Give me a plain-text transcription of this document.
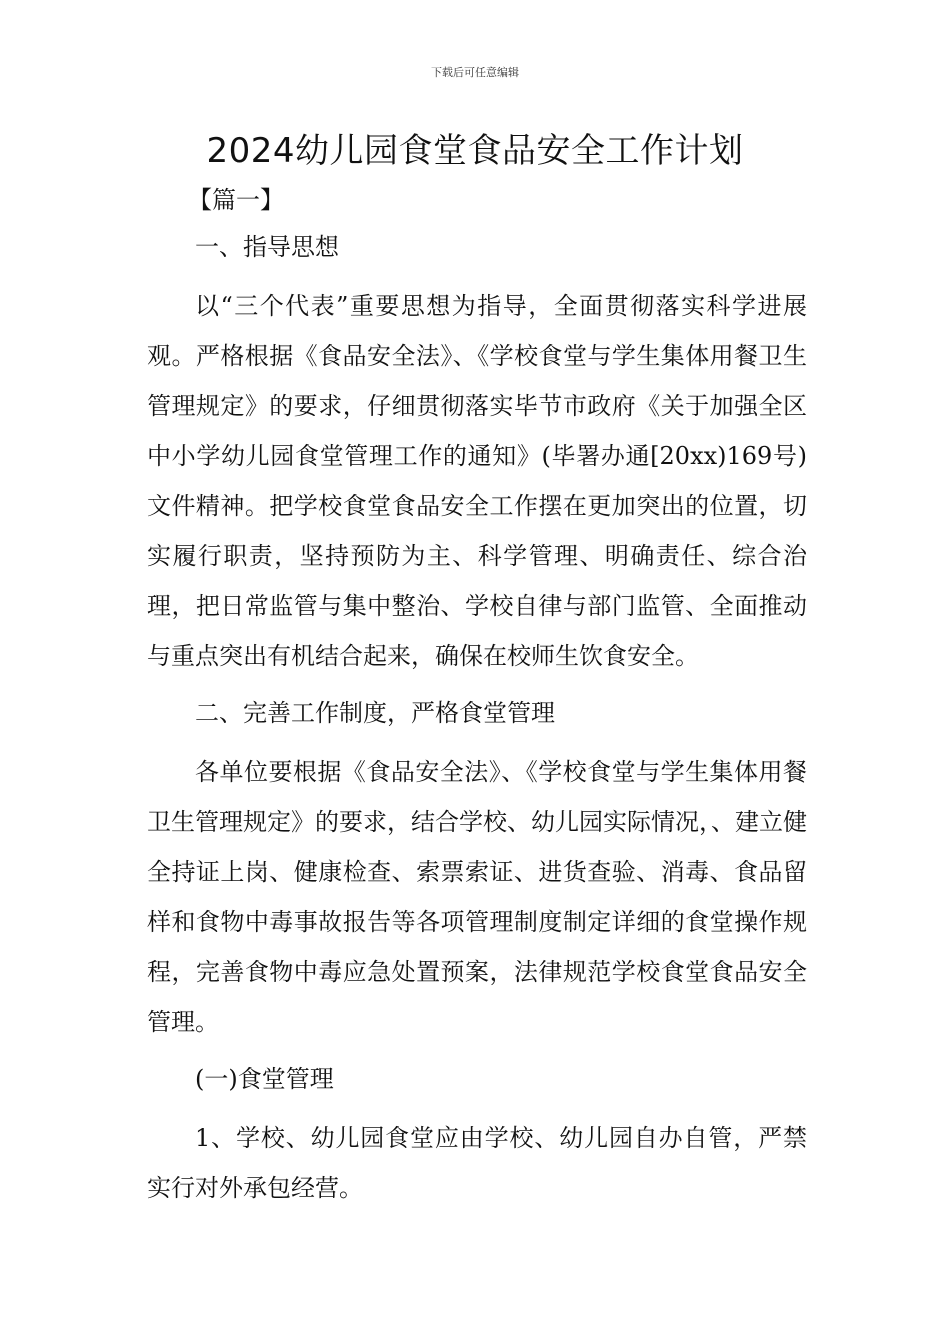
下载后可任意编辑
2024幼儿园食堂食品安全工作计划
【篇一】

一、指导思想

以“三个代表”重要思想为指导，全面贯彻落实科学进展观。严格根据《食品安全法》、《学校食堂与学生集体用餐卫生管理规定》的要求，仔细贯彻落实毕节市政府《关于加强全区中小学幼儿园食堂管理工作的通知》(毕署办通[20xx)169号)文件精神。把学校食堂食品安全工作摆在更加突出的位置，切实履行职责，坚持预防为主、科学管理、明确责任、综合治理，把日常监管与集中整治、学校自律与部门监管、全面推动与重点突出有机结合起来，确保在校师生饮食安全。

二、完善工作制度，严格食堂管理

各单位要根据《食品安全法》、《学校食堂与学生集体用餐卫生管理规定》的要求，结合学校、幼儿园实际情况，、建立健全持证上岗、健康检查、索票索证、进货查验、消毒、食品留样和食物中毒事故报告等各项管理制度制定详细的食堂操作规程，完善食物中毒应急处置预案，法律规范学校食堂食品安全管理。

(一)食堂管理

1、学校、幼儿园食堂应由学校、幼儿园自办自管，严禁实行对外承包经营。
